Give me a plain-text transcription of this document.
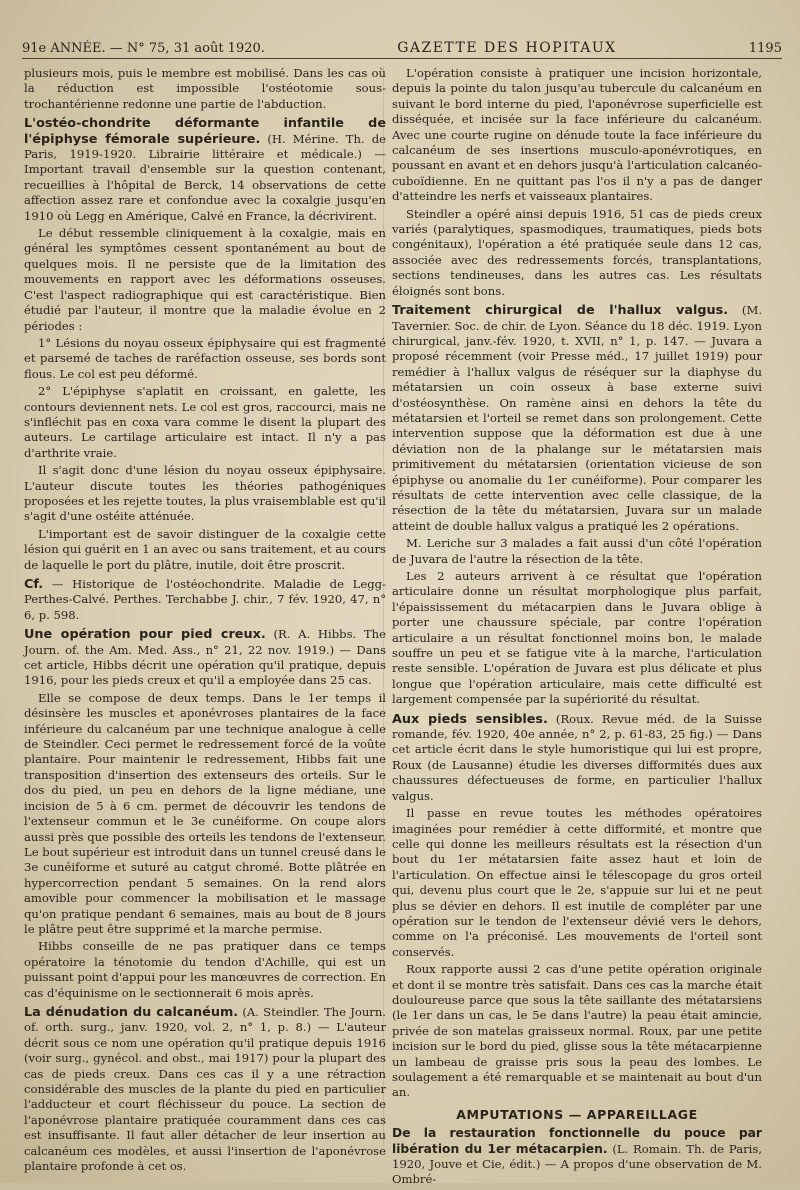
91e ANNÉE. — N° 75, 31 août 1920.	GAZETTE DES HOPITAUX	1195

plusieurs mois, puis le membre est mobilisé. Dans les cas où la réduction est impossible l'ostéotomie sous-trochantérienne redonne une partie de l'abduction.

L'ostéo-chondrite déformante infantile de l'épiphyse fémorale supérieure. (H. Mérine. Th. de Paris, 1919-1920. Librairie littéraire et médicale.) — Important travail d'ensemble sur la question contenant, recueillies à l'hôpital de Berck, 14 observations de cette affection assez rare et confondue avec la coxalgie jusqu'en 1910 où Legg en Amérique, Calvé en France, la décrivirent.

Le début ressemble cliniquement à la coxalgie, mais en général les symptômes cessent spontanément au bout de quelques mois. Il ne persiste que de la limitation des mouvements en rapport avec les déformations osseuses. C'est l'aspect radiographique qui est caractéristique. Bien étudié par l'auteur, il montre que la maladie évolue en 2 périodes :

1° Lésions du noyau osseux épiphysaire qui est fragmenté et parsemé de taches de raréfaction osseuse, ses bords sont flous. Le col est peu déformé.

2° L'épiphyse s'aplatit en croissant, en galette, les contours deviennent nets. Le col est gros, raccourci, mais ne s'infléchit pas en coxa vara comme le disent la plupart des auteurs. Le cartilage articulaire est intact. Il n'y a pas d'arthrite vraie.

Il s'agit donc d'une lésion du noyau osseux épiphysaire. L'auteur discute toutes les théories pathogéniques proposées et les rejette toutes, la plus vraisemblable est qu'il s'agit d'une ostéite atténuée.

L'important est de savoir distinguer de la coxalgie cette lésion qui guérit en 1 an avec ou sans traitement, et au cours de laquelle le port du plâtre, inutile, doit être proscrit.

Cf. — Historique de l'ostéochondrite. Maladie de Legg-Perthes-Calvé. Perthes. Terchabbe J. chir., 7 fév. 1920, 47, n° 6, p. 598.

Une opération pour pied creux. (R. A. Hibbs. The Journ. of. the Am. Med. Ass., n° 21, 22 nov. 1919.) — Dans cet article, Hibbs décrit une opération qu'il pratique, depuis 1916, pour les pieds creux et qu'il a employée dans 25 cas.

Elle se compose de deux temps. Dans le 1er temps il désinsère les muscles et aponévroses plantaires de la face inférieure du calcanéum par une technique analogue à celle de Steindler. Ceci permet le redressement forcé de la voûte plantaire. Pour maintenir le redressement, Hibbs fait une transposition d'insertion des extenseurs des orteils. Sur le dos du pied, un peu en dehors de la ligne médiane, une incision de 5 à 6 cm. permet de découvrir les tendons de l'extenseur commun et le 3e cunéiforme. On coupe alors aussi près que possible des orteils les tendons de l'extenseur. Le bout supérieur est introduit dans un tunnel creusé dans le 3e cunéiforme et suturé au catgut chromé. Botte plâtrée en hypercorrection pendant 5 semaines. On la rend alors amovible pour commencer la mobilisation et le massage qu'on pratique pendant 6 semaines, mais au bout de 8 jours le plâtre peut être supprimé et la marche permise.

Hibbs conseille de ne pas pratiquer dans ce temps opératoire la ténotomie du tendon d'Achille, qui est un puissant point d'appui pour les manœuvres de correction. En cas d'équinisme on le sectionnerait 6 mois après.

La dénudation du calcanéum. (A. Steindler. The Journ. of. orth. surg., janv. 1920, vol. 2, n° 1, p. 8.) — L'auteur décrit sous ce nom une opération qu'il pratique depuis 1916 (voir surg., gynécol. and obst., mai 1917) pour la plupart des cas de pieds creux. Dans ces cas il y a une rétraction considérable des muscles de la plante du pied en particulier l'adducteur et court fléchisseur du pouce. La section de l'aponévrose plantaire pratiquée couramment dans ces cas est insuffisante. Il faut aller détacher de leur insertion au calcanéum ces modèles, et aussi l'insertion de l'aponévrose plantaire profonde à cet os.

L'opération consiste à pratiquer une incision horizontale, depuis la pointe du talon jusqu'au tubercule du calcanéum en suivant le bord interne du pied, l'aponévrose superficielle est disséquée, et incisée sur la face inférieure du calcanéum. Avec une courte rugine on dénude toute la face inférieure du calcanéum de ses insertions musculo-aponévrotiques, en poussant en avant et en dehors jusqu'à l'articulation calcanéo-cuboïdienne. En ne quittant pas l'os il n'y a pas de danger d'atteindre les nerfs et vaisseaux plantaires.

Steindler a opéré ainsi depuis 1916, 51 cas de pieds creux variés (paralytiques, spasmodiques, traumatiques, pieds bots congénitaux), l'opération a été pratiquée seule dans 12 cas, associée avec des redressements forcés, transplantations, sections tendineuses, dans les autres cas. Les résultats éloignés sont bons.

Traitement chirurgical de l'hallux valgus. (M. Tavernier. Soc. de chir. de Lyon. Séance du 18 déc. 1919. Lyon chirurgical, janv.-fév. 1920, t. XVII, n° 1, p. 147. — Juvara a proposé récemment (voir Presse méd., 17 juillet 1919) pour remédier à l'hallux valgus de réséquer sur la diaphyse du métatarsien un coin osseux à base externe suivi d'ostéosynthèse. On ramène ainsi en dehors la tête du métatarsien et l'orteil se remet dans son prolongement. Cette intervention suppose que la déformation est due à une déviation non de la phalange sur le métatarsien mais primitivement du métatarsien (orientation vicieuse de son épiphyse ou anomalie du 1er cunéiforme). Pour comparer les résultats de cette intervention avec celle classique, de la résection de la tête du métatarsien, Juvara sur un malade atteint de double hallux valgus a pratiqué les 2 opérations.

M. Leriche sur 3 malades a fait aussi d'un côté l'opération de Juvara de l'autre la résection de la tête.

Les 2 auteurs arrivent à ce résultat que l'opération articulaire donne un résultat morphologique plus parfait, l'épaississement du métacarpien dans le Juvara oblige à porter une chaussure spéciale, par contre l'opération articulaire a un résultat fonctionnel moins bon, le malade souffre un peu et se fatigue vite à la marche, l'articulation reste sensible. L'opération de Juvara est plus délicate et plus longue que l'opération articulaire, mais cette difficulté est largement compensée par la supériorité du résultat.

Aux pieds sensibles. (Roux. Revue méd. de la Suisse romande, fév. 1920, 40e année, n° 2, p. 61-83, 25 fig.) — Dans cet article écrit dans le style humoristique qui lui est propre, Roux (de Lausanne) étudie les diverses difformités dues aux chaussures défectueuses de forme, en particulier l'hallux valgus.

Il passe en revue toutes les méthodes opératoires imaginées pour remédier à cette difformité, et montre que celle qui donne les meilleurs résultats est la résection d'un bout du 1er métatarsien faite assez haut et loin de l'articulation. On effectue ainsi le télescopage du gros orteil qui, devenu plus court que le 2e, s'appuie sur lui et ne peut plus se dévier en dehors. Il est inutile de compléter par une opération sur le tendon de l'extenseur dévié vers le dehors, comme on l'a préconisé. Les mouvements de l'orteil sont conservés.

Roux rapporte aussi 2 cas d'une petite opération originale et dont il se montre très satisfait. Dans ces cas la marche était douloureuse parce que sous la tête saillante des métatarsiens (le 1er dans un cas, le 5e dans l'autre) la peau était amincie, privée de son matelas graisseux normal. Roux, par une petite incision sur le bord du pied, glisse sous la tête métacarpienne un lambeau de graisse pris sous la peau des lombes. Le soulagement a été remarquable et se maintenait au bout d'un an.

AMPUTATIONS — APPAREILLAGE

De la restauration fonctionnelle du pouce par libération du 1er métacarpien. (L. Romain. Th. de Paris, 1920, Jouve et Cie, édit.) — A propos d'une observation de M. Ombré-
